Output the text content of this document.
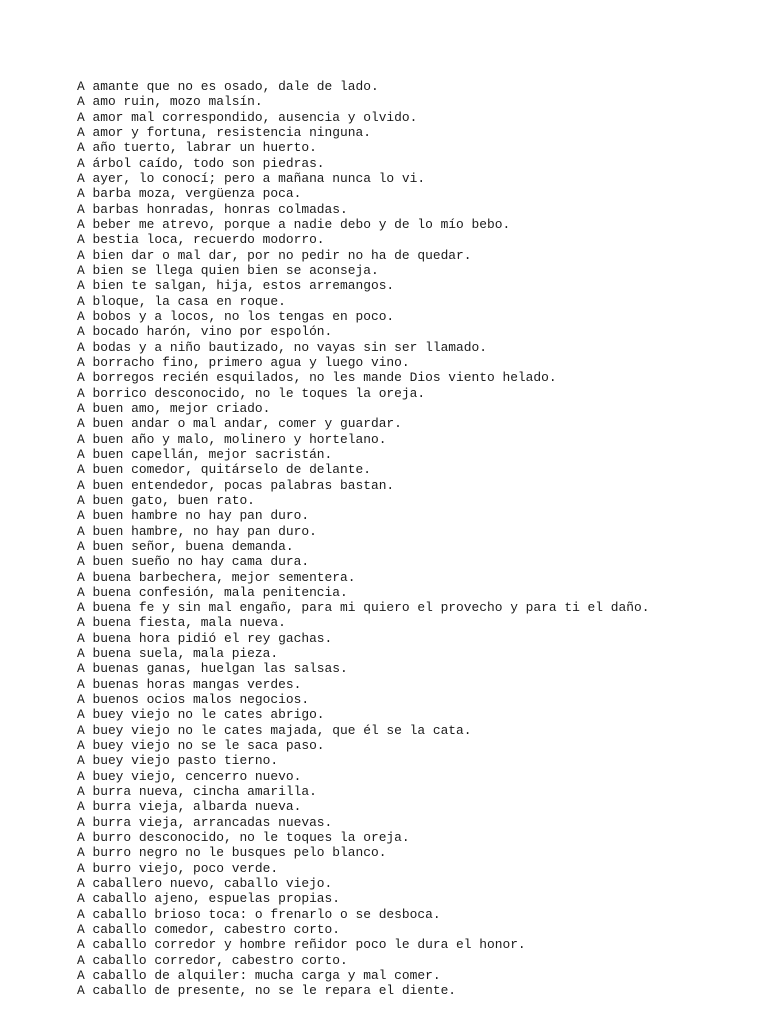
A amante que no es osado, dale de lado.
A amo ruin, mozo malsín.
A amor mal correspondido, ausencia y olvido.
A amor y fortuna, resistencia ninguna.
A año tuerto, labrar un huerto.
A árbol caído, todo son piedras.
A ayer, lo conocí; pero a mañana nunca lo vi.
A barba moza, vergüenza poca.
A barbas honradas, honras colmadas.
A beber me atrevo, porque a nadie debo y de lo mío bebo.
A bestia loca, recuerdo modorro.
A bien dar o mal dar, por no pedir no ha de quedar.
A bien se llega quien bien se aconseja.
A bien te salgan, hija, estos arremangos.
A bloque, la casa en roque.
A bobos y a locos, no los tengas en poco.
A bocado harón, vino por espolón.
A bodas y a niño bautizado, no vayas sin ser llamado.
A borracho fino, primero agua y luego vino.
A borregos recién esquilados, no les mande Dios viento helado.
A borrico desconocido, no le toques la oreja.
A buen amo, mejor criado.
A buen andar o mal andar, comer y guardar.
A buen año y malo, molinero y hortelano.
A buen capellán, mejor sacristán.
A buen comedor, quitárselo de delante.
A buen entendedor, pocas palabras bastan.
A buen gato, buen rato.
A buen hambre no hay pan duro.
A buen hambre, no hay pan duro.
A buen señor, buena demanda.
A buen sueño no hay cama dura.
A buena barbechera, mejor sementera.
A buena confesión, mala penitencia.
A buena fe y sin mal engaño, para mi quiero el provecho y para ti el daño.
A buena fiesta, mala nueva.
A buena hora pidió el rey gachas.
A buena suela, mala pieza.
A buenas ganas, huelgan las salsas.
A buenas horas mangas verdes.
A buenos ocios malos negocios.
A buey viejo no le cates abrigo.
A buey viejo no le cates majada, que él se la cata.
A buey viejo no se le saca paso.
A buey viejo pasto tierno.
A buey viejo, cencerro nuevo.
A burra nueva, cincha amarilla.
A burra vieja, albarda nueva.
A burra vieja, arrancadas nuevas.
A burro desconocido, no le toques la oreja.
A burro negro no le busques pelo blanco.
A burro viejo, poco verde.
A caballero nuevo, caballo viejo.
A caballo ajeno, espuelas propias.
A caballo brioso toca: o frenarlo o se desboca.
A caballo comedor, cabestro corto.
A caballo corredor y hombre reñidor poco le dura el honor.
A caballo corredor, cabestro corto.
A caballo de alquiler: mucha carga y mal comer.
A caballo de presente, no se le repara el diente.
